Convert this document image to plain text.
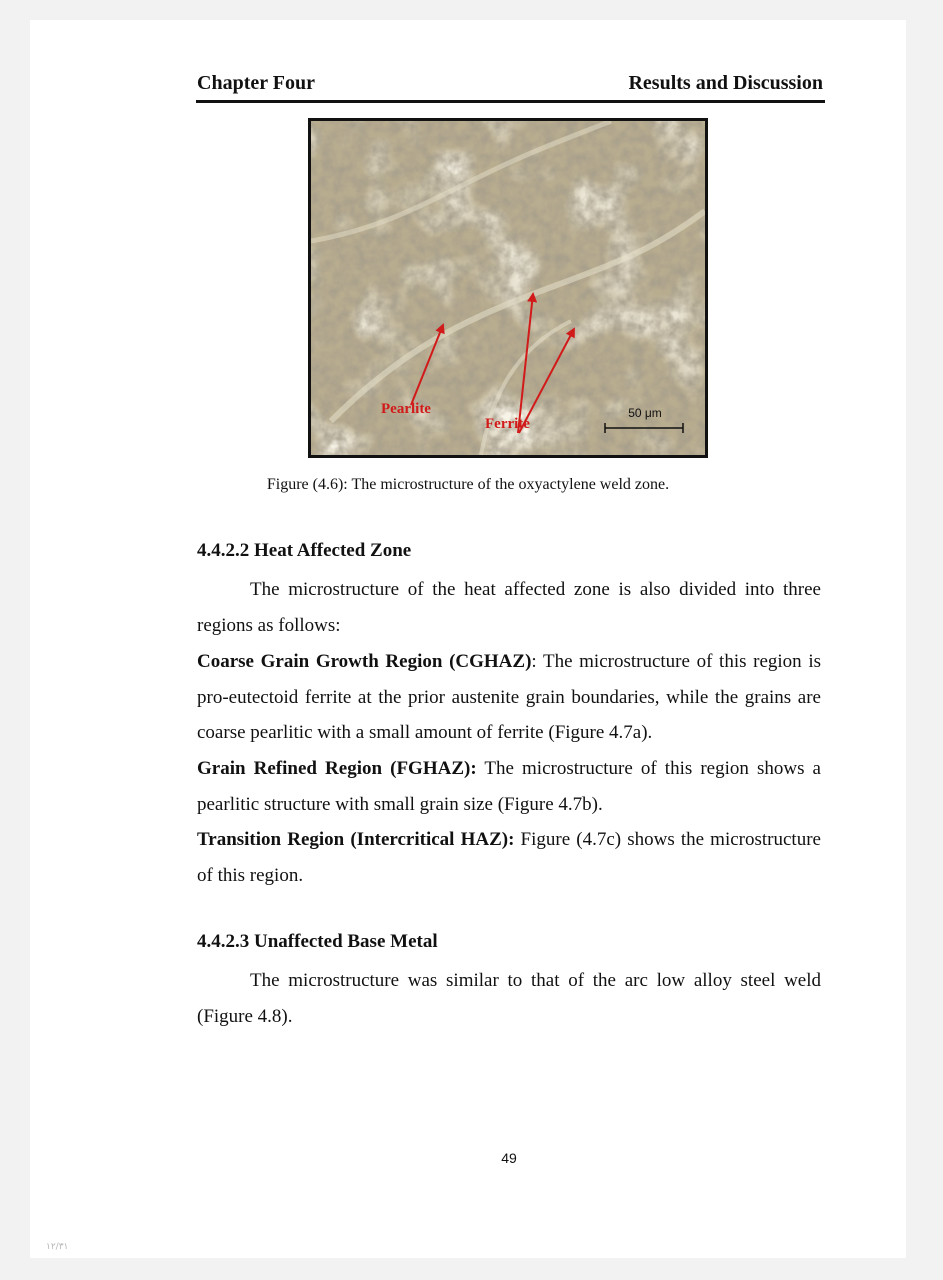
Chapter Four	Results and Discussion
Pearlite
Ferrite
50 μm
Figure (4.6): The microstructure of the oxyactylene weld zone.
4.4.2.2 Heat Affected Zone
The microstructure of the heat affected zone is also divided into three regions as follows:
Coarse Grain Growth Region (CGHAZ): The microstructure of this region is pro-eutectoid ferrite at the prior austenite grain boundaries, while the grains are coarse pearlitic with a small amount of ferrite (Figure 4.7a).
Grain Refined Region (FGHAZ): The microstructure of this region shows a pearlitic structure with small grain size (Figure 4.7b).
Transition Region (Intercritical HAZ): Figure (4.7c) shows the microstructure of this region.
4.4.2.3 Unaffected Base Metal
The microstructure was similar to that of the arc low alloy steel weld (Figure 4.8).
49
١٢/٣١
